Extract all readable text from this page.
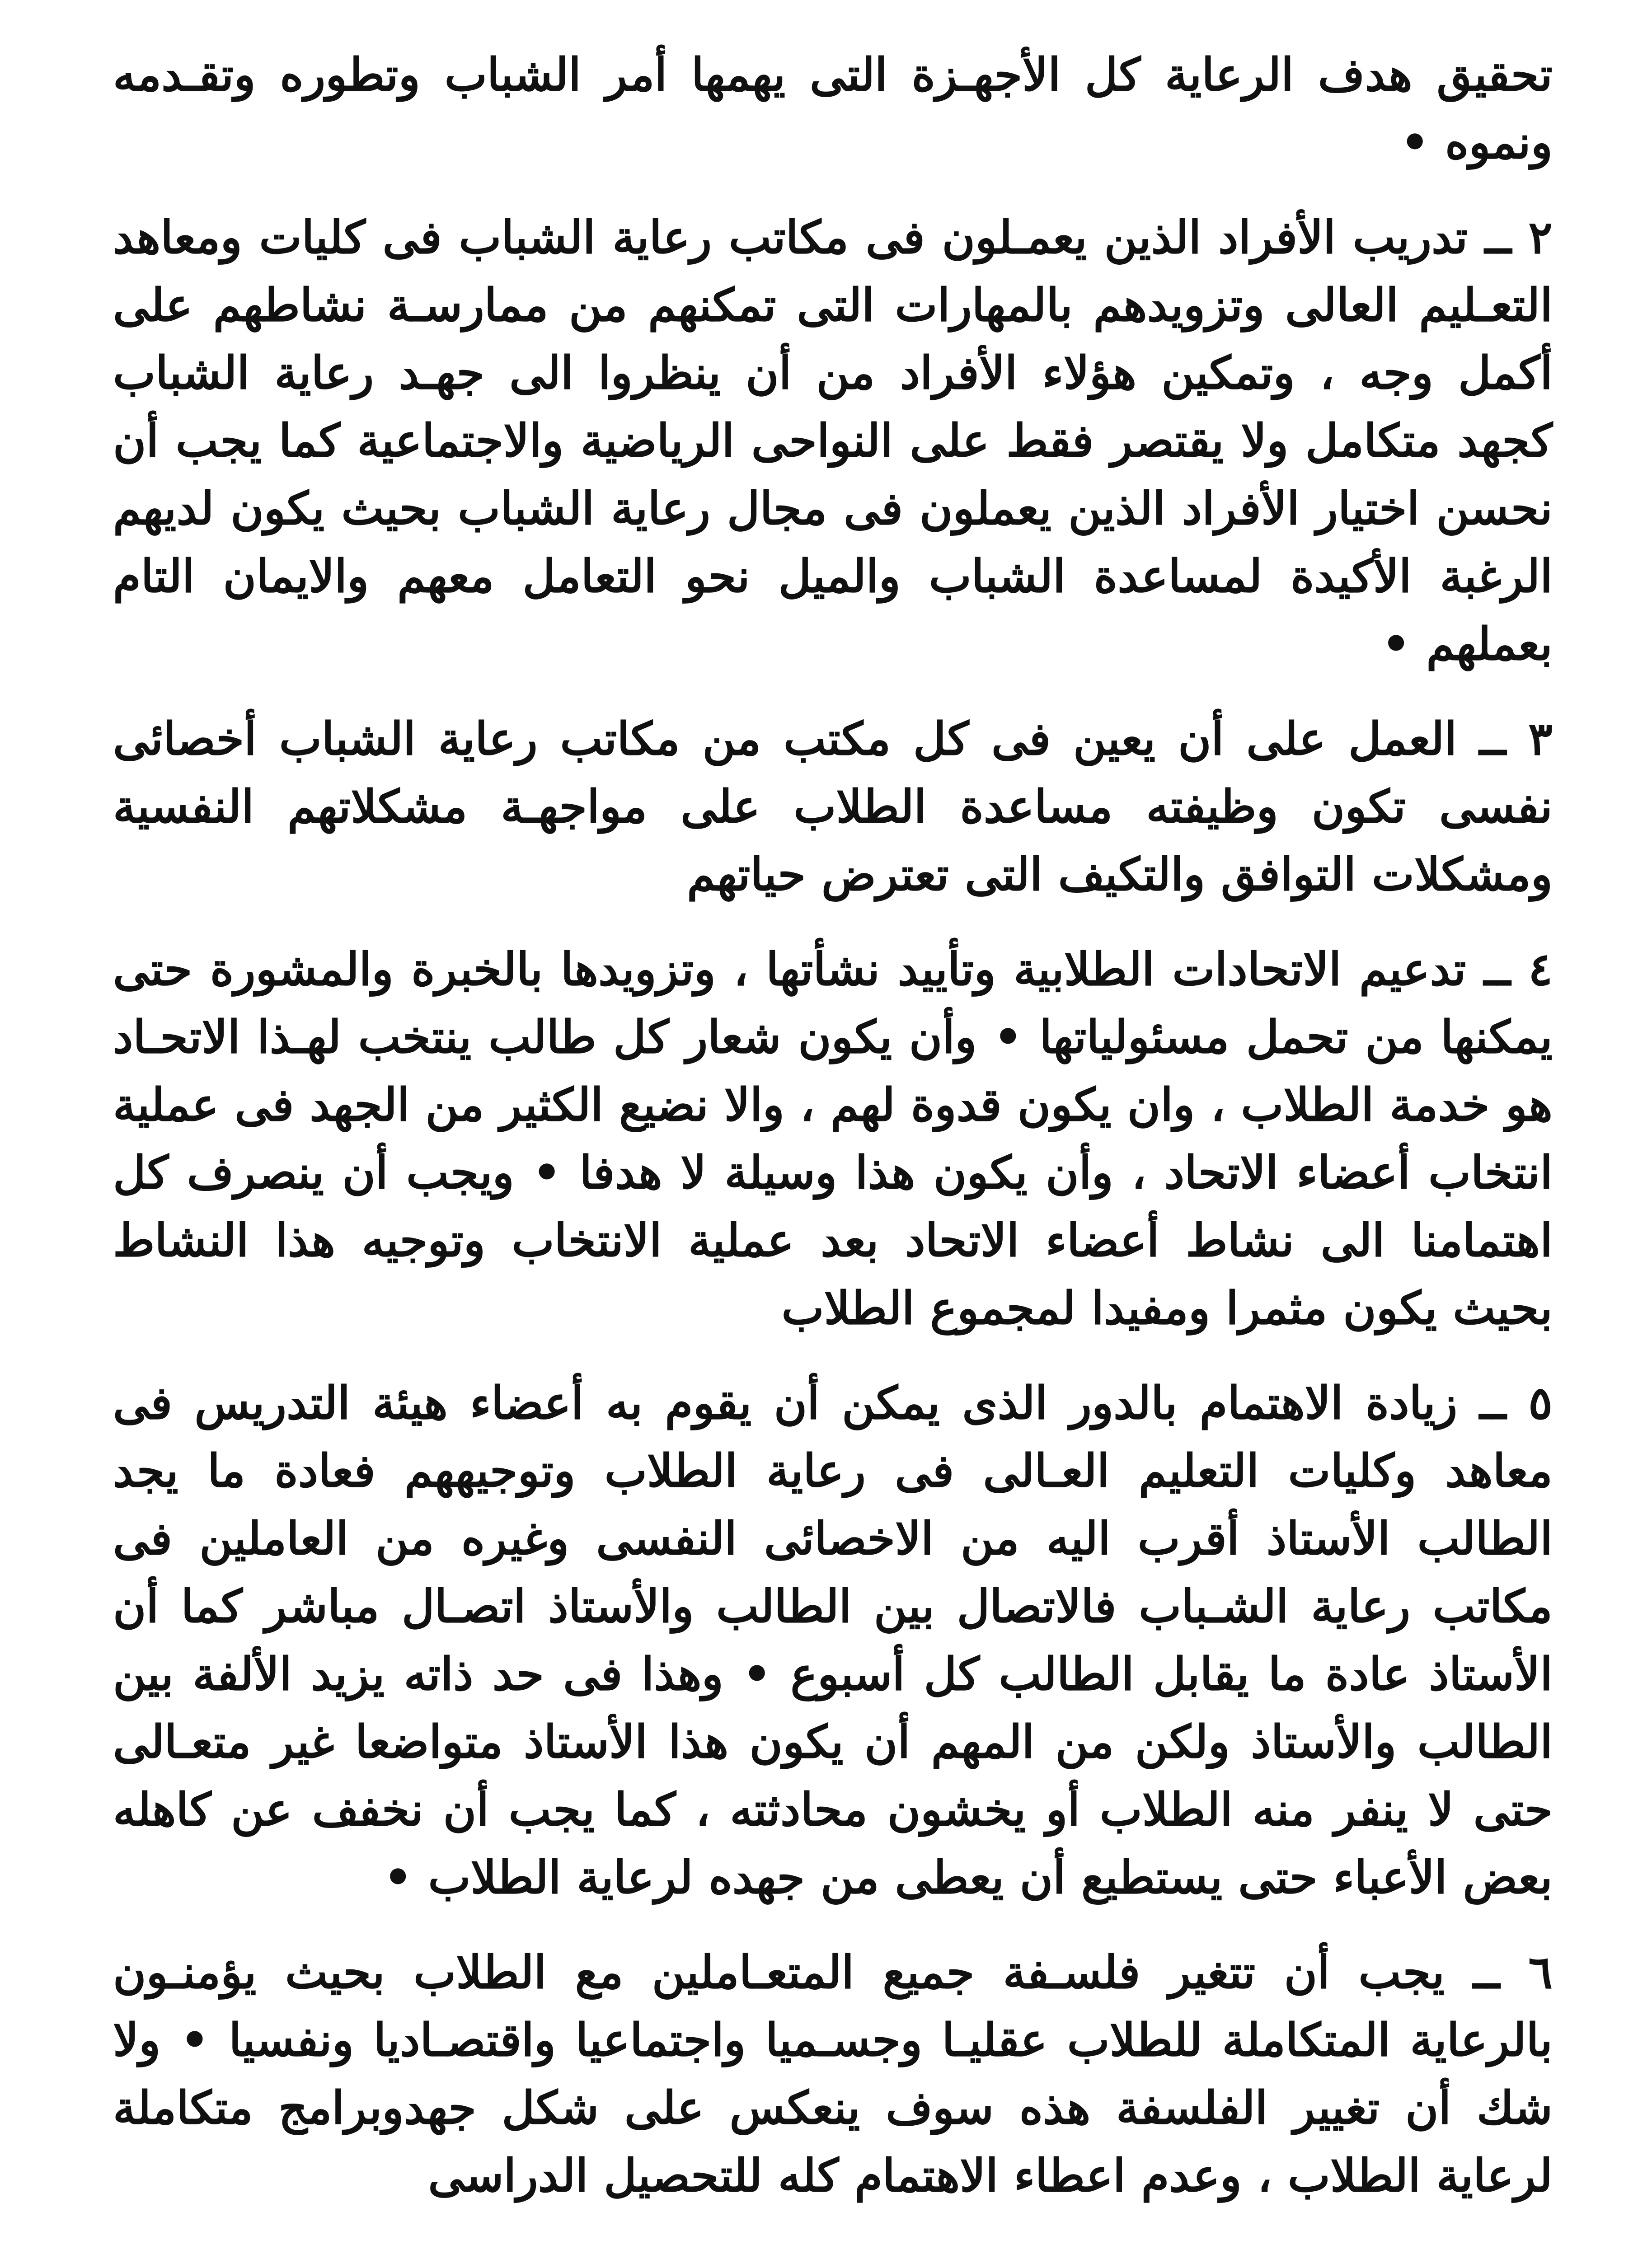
تحقيق هدف الرعاية كل الأجهـزة التى يهمها أمر الشباب وتطوره وتقـدمه ونموه •

٢ ــ تدريب الأفراد الذين يعمـلون فى مكاتب رعاية الشباب فى كليات ومعاهد التعـليم العالى وتزويدهم بالمهارات التى تمكنهم من ممارسـة نشاطهم على أكمل وجه ، وتمكين هؤلاء الأفراد من أن ينظروا الى جهـد رعاية الشباب كجهد متكامل ولا يقتصر فقط على النواحى الرياضية والاجتماعية كما يجب أن نحسن اختيار الأفراد الذين يعملون فى مجال رعاية الشباب بحيث يكون لديهم الرغبة الأكيدة لمساعدة الشباب والميل نحو التعامل معهم والايمان التام بعملهم •

٣ ــ العمل على أن يعين فى كل مكتب من مكاتب رعاية الشباب أخصائى نفسى تكون وظيفته مساعدة الطلاب على مواجهـة مشكلاتهم النفسية ومشكلات التوافق والتكيف التى تعترض حياتهم

٤ ــ تدعيم الاتحادات الطلابية وتأييد نشأتها ، وتزويدها بالخبرة والمشورة حتى يمكنها من تحمل مسئولياتها • وأن يكون شعار كل طالب ينتخب لهـذا الاتحـاد هو خدمة الطلاب ، وان يكون قدوة لهم ، والا نضيع الكثير من الجهد فى عملية انتخاب أعضاء الاتحاد ، وأن يكون هذا وسيلة لا هدفا • ويجب أن ينصرف كل اهتمامنا الى نشاط أعضاء الاتحاد بعد عملية الانتخاب وتوجيه هذا النشاط بحيث يكون مثمرا ومفيدا لمجموع الطلاب

٥ ــ زيادة الاهتمام بالدور الذى يمكن أن يقوم به أعضاء هيئة التدريس فى معاهد وكليات التعليم العـالى فى رعاية الطلاب وتوجيههم فعادة ما يجد الطالب الأستاذ أقرب اليه من الاخصائى النفسى وغيره من العاملين فى مكاتب رعاية الشـباب فالاتصال بين الطالب والأستاذ اتصـال مباشر كما أن الأستاذ عادة ما يقابل الطالب كل أسبوع • وهذا فى حد ذاته يزيد الألفة بين الطالب والأستاذ ولكن من المهم أن يكون هذا الأستاذ متواضعا غير متعـالى حتى لا ينفر منه الطلاب أو يخشون محادثته ، كما يجب أن نخفف عن كاهله بعض الأعباء حتى يستطيع أن يعطى من جهده لرعاية الطلاب •

٦ ــ يجب أن تتغير فلسـفة جميع المتعـاملين مع الطلاب بحيث يؤمنـون بالرعاية المتكاملة للطلاب عقليـا وجسـميا واجتماعيا واقتصـاديا ونفسيا • ولا شك أن تغيير الفلسفة هذه سوف ينعكس على شكل جهدوبرامج متكاملة لرعاية الطلاب ، وعدم اعطاء الاهتمام كله للتحصيل الدراسى
